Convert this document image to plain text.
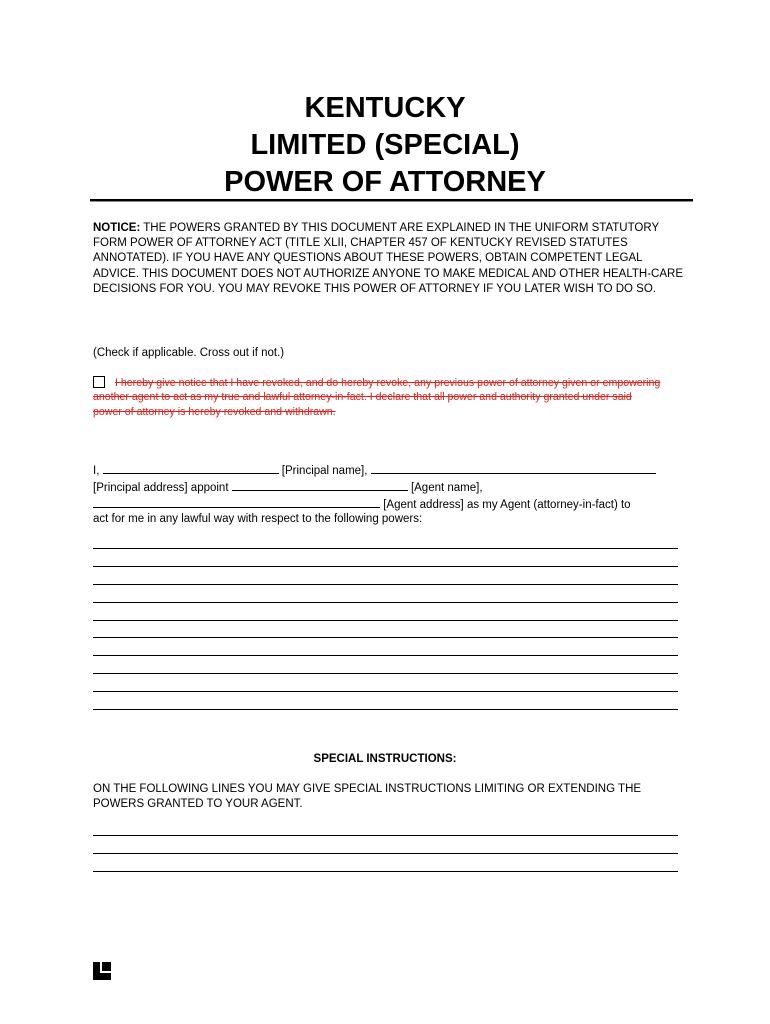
KENTUCKY
LIMITED (SPECIAL)
POWER OF ATTORNEY

NOTICE: THE POWERS GRANTED BY THIS DOCUMENT ARE EXPLAINED IN THE UNIFORM STATUTORY FORM POWER OF ATTORNEY ACT (TITLE XLII, CHAPTER 457 OF KENTUCKY REVISED STATUTES ANNOTATED). IF YOU HAVE ANY QUESTIONS ABOUT THESE POWERS, OBTAIN COMPETENT LEGAL ADVICE. THIS DOCUMENT DOES NOT AUTHORIZE ANYONE TO MAKE MEDICAL AND OTHER HEALTH-CARE DECISIONS FOR YOU. YOU MAY REVOKE THIS POWER OF ATTORNEY IF YOU LATER WISH TO DO SO.

(Check if applicable. Cross out if not.)

I hereby give notice that I have revoked, and do hereby revoke, any previous power of attorney given or empowering another agent to act as my true and lawful attorney-in-fact. I declare that all power and authority granted under said power of attorney is hereby revoked and withdrawn.

I,	[Principal name],
[Principal address] appoint	[Agent name],
[Agent address] as my Agent (attorney-in-fact) to
act for me in any lawful way with respect to the following powers:

SPECIAL INSTRUCTIONS:

ON THE FOLLOWING LINES YOU MAY GIVE SPECIAL INSTRUCTIONS LIMITING OR EXTENDING THE POWERS GRANTED TO YOUR AGENT.
